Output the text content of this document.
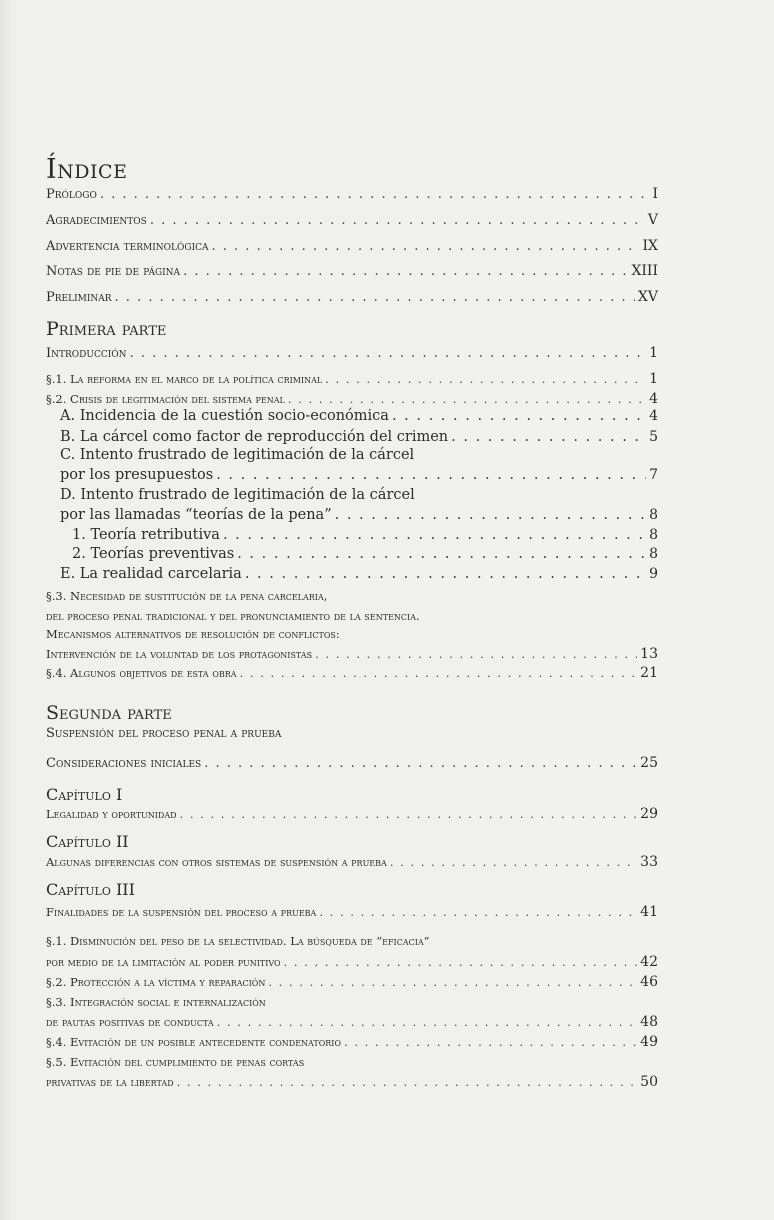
Índice
Prólogo . . .	I
Agradecimientos . . .	V
Advertencia terminológica . . .	IX
Notas de pie de página . . .	XIII
Preliminar . . .	XV
Primera parte
Introducción . . .	1
§.1. La reforma en el marco de la política criminal . . .	1
§.2. Crisis de legitimación del sistema penal . . .	4
A. Incidencia de la cuestión socio-económica . . .	4
B. La cárcel como factor de reproducción del crimen . . .	5
C. Intento frustrado de legitimación de la cárcel
por los presupuestos . . .	7
D. Intento frustrado de legitimación de la cárcel
por las llamadas “teorías de la pena” . . .	8
1. Teoría retributiva . . .	8
2. Teorías preventivas . . .	8
E. La realidad carcelaria . . .	9
§.3. Necesidad de sustitución de la pena carcelaria,
del proceso penal tradicional y del pronunciamiento de la sentencia.
Mecanismos alternativos de resolución de conflictos:
Intervención de la voluntad de los protagonistas . . .	13
§.4. Algunos objetivos de esta obra . . .	21
Segunda parte
Suspensión del proceso penal a prueba
Consideraciones iniciales . . .	25
Capítulo I
Legalidad y oportunidad . . .	29
Capítulo II
Algunas diferencias con otros sistemas de suspensión a prueba . . .	33
Capítulo III
Finalidades de la suspensión del proceso a prueba . . .	41
§.1. Disminución del peso de la selectividad. La búsqueda de “eficacia”
por medio de la limitación al poder punitivo . . .	42
§.2. Protección a la víctima y reparación . . .	46
§.3. Integración social e internalización
de pautas positivas de conducta . . .	48
§.4. Evitación de un posible antecedente condenatorio . . .	49
§.5. Evitación del cumplimiento de penas cortas
privativas de la libertad . . .	50
